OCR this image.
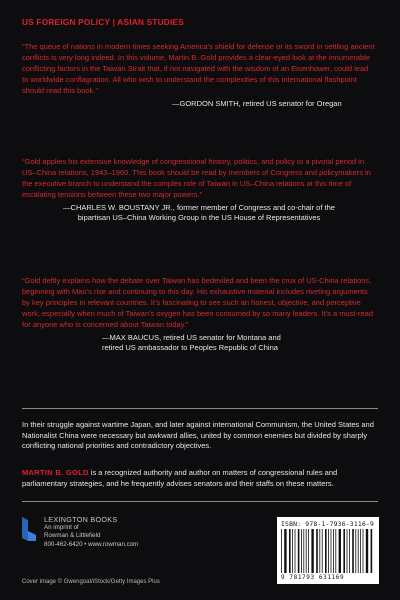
US FOREIGN POLICY | ASIAN STUDIES

“The queue of nations in modern times seeking America’s shield for defense or its sword in settling ancient conflicts is very long indeed. In this volume, Martin B. Gold provides a clear-eyed look at the innumerable conflicting factors in the Taiwan Strait that, if not navigated with the wisdom of an Eisenhower, could lead to worldwide conflagration. All who wish to understand the complexities of this international flashpoint should read this book.”

—GORDON SMITH, retired US senator for Oregan

“Gold applies his extensive knowledge of congressional history, politics, and policy to a pivotal period in US–China relations, 1943–1960. This book should be read by members of Congress and policymakers in the executive branch to understand the complex role of Taiwan in US–China relations at this time of escalating tensions between these two major powers.”

—CHARLES W. BOUSTANY JR., former member of Congress and co-chair of the
bipartisan US–China Working Group in the US House of Representatives

“Gold deftly explains how the debate over Taiwan has bedeviled and been the crux of US-China relations, beginning with Mao’s rise and continuing to this day. His exhaustive material includes riveting arguments by key principles in relevant countries. It’s fascinating to see such an honest, objective, and perceptive work, especially when much of Taiwan’s oxygen has been consumed by so many leaders. It’s a must-read for anyone who is concerned about Taiwan today.”

—MAX BAUCUS, retired US senator for Montana and
retired US ambassador to Peoples Republic of China
In their struggle against wartime Japan, and later against international Communism, the United States and Nationalist China were necessary but awkward allies, united by common enemies but divided by sharply conflicting national priorities and contradictory objectives.
MARTIN B. GOLD is a recognized authority and author on matters of congressional rules and parliamentary strategies, and he frequently advises senators and their staffs on these matters.
LEXINGTON BOOKS
An imprint of
Rowman & Littlefield
800-462-6420 • www.rowman.com
Cover image © Gwengoat/iStock/Getty Images Plus
ISBN: 978-1-7936-3116-9
9 781793 631169
